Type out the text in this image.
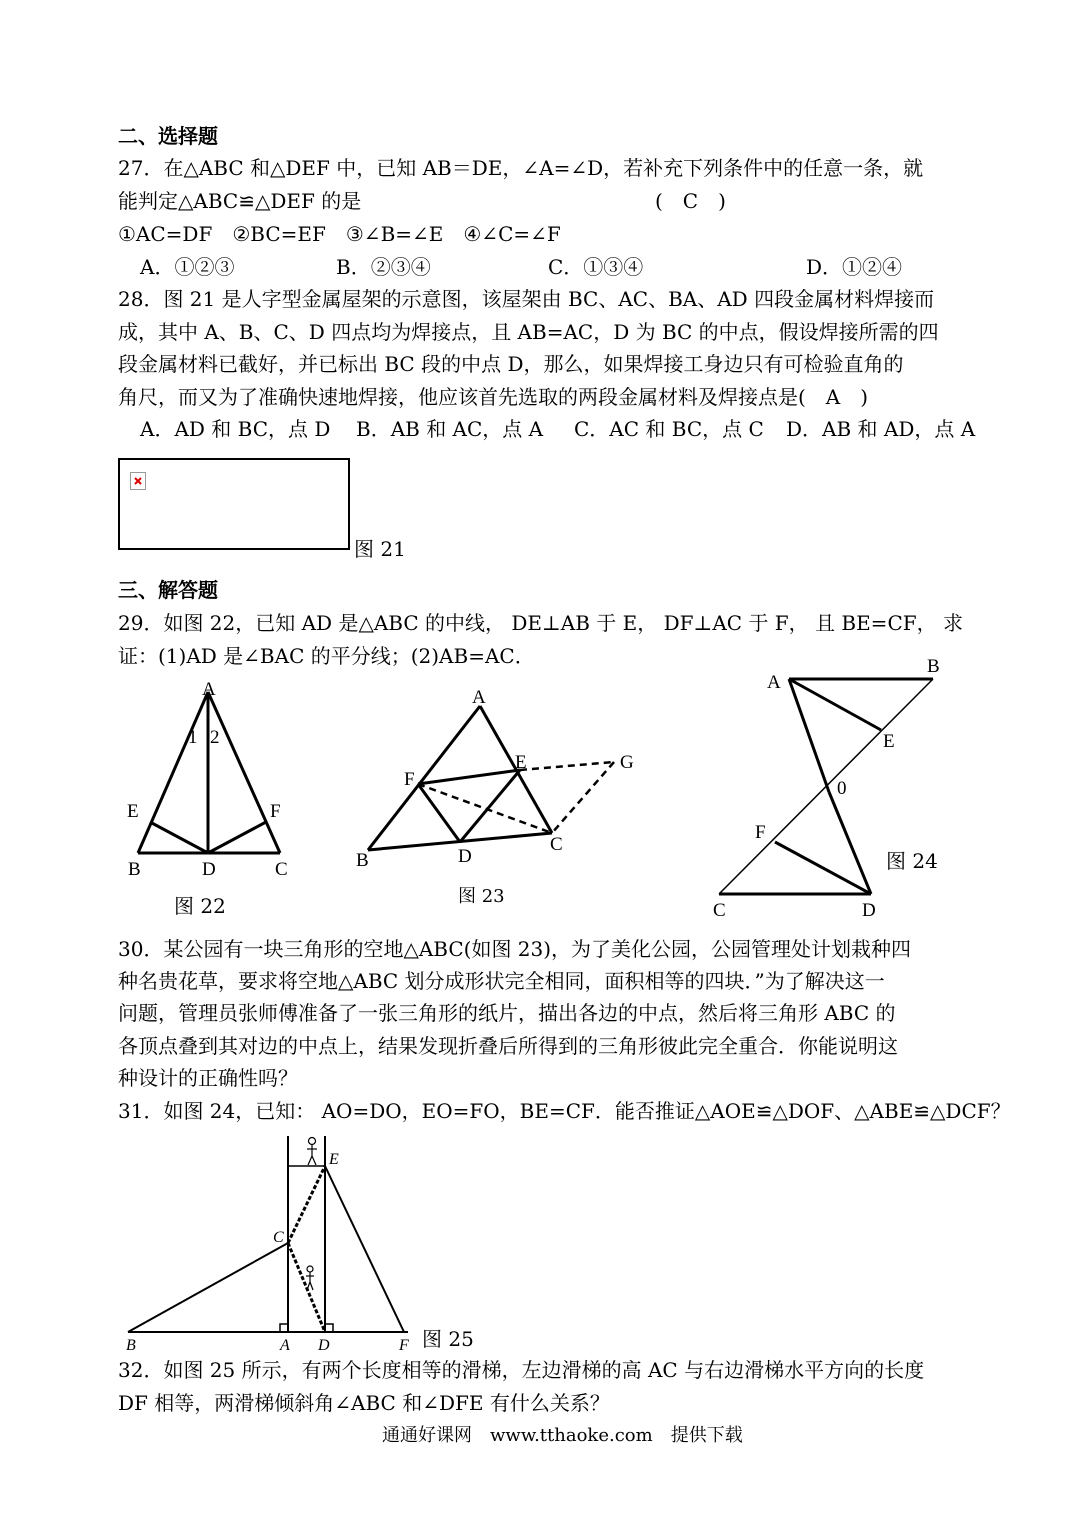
二、选择题
27．在△ABC 和△DEF 中，已知 AB＝DE，∠A=∠D，若补充下列条件中的任意一条，就
能判定△ABC≌△DEF 的是	(　C　)
①AC=DF　②BC=EF　③∠B=∠E　④∠C=∠F
A．①②③	B．②③④	C．①③④	D．①②④
28．图 21 是人字型金属屋架的示意图，该屋架由 BC、AC、BA、AD 四段金属材料焊接而
成，其中 A、B、C、D 四点均为焊接点，且 AB=AC，D 为 BC 的中点，假设焊接所需的四
段金属材料已截好，并已标出 BC 段的中点 D，那么，如果焊接工身边只有可检验直角的
角尺，而又为了准确快速地焊接，他应该首先选取的两段金属材料及焊接点是(　A　)
A．AD 和 BC，点 D B．AB 和 AC，点 A C．AC 和 BC，点 C D．AB 和 AD，点 A
图 21
三、解答题
29．如图 22，已知 AD 是△ABC 的中线， DE⊥AB 于 E， DF⊥AC 于 F， 且 BE=CF， 求
证：(1)AD 是∠BAC 的平分线；(2)AB=AC．
A
B	C
D
E	F
1 2
图 22
A
B
C
D
E
F
G
图 23
A
B
C	D
E
F
0
图 24
30．某公园有一块三角形的空地△ABC(如图 23)，为了美化公园，公园管理处计划栽种四
种名贵花草，要求将空地△ABC 划分成形状完全相同，面积相等的四块．”为了解决这一
问题，管理员张师傅准备了一张三角形的纸片，描出各边的中点，然后将三角形 ABC 的
各顶点叠到其对边的中点上，结果发现折叠后所得到的三角形彼此完全重合．你能说明这
种设计的正确性吗？
31．如图 24，已知： AO=DO，EO=FO，BE=CF．能否推证△AOE≌△DOF、△ABE≌△DCF？
B	A
C
E
D	F 图 25
32．如图 25 所示，有两个长度相等的滑梯，左边滑梯的高 AC 与右边滑梯水平方向的长度
DF 相等，两滑梯倾斜角∠ABC 和∠DFE 有什么关系？
通通好课网　www.tthaoke.com　提供下载
